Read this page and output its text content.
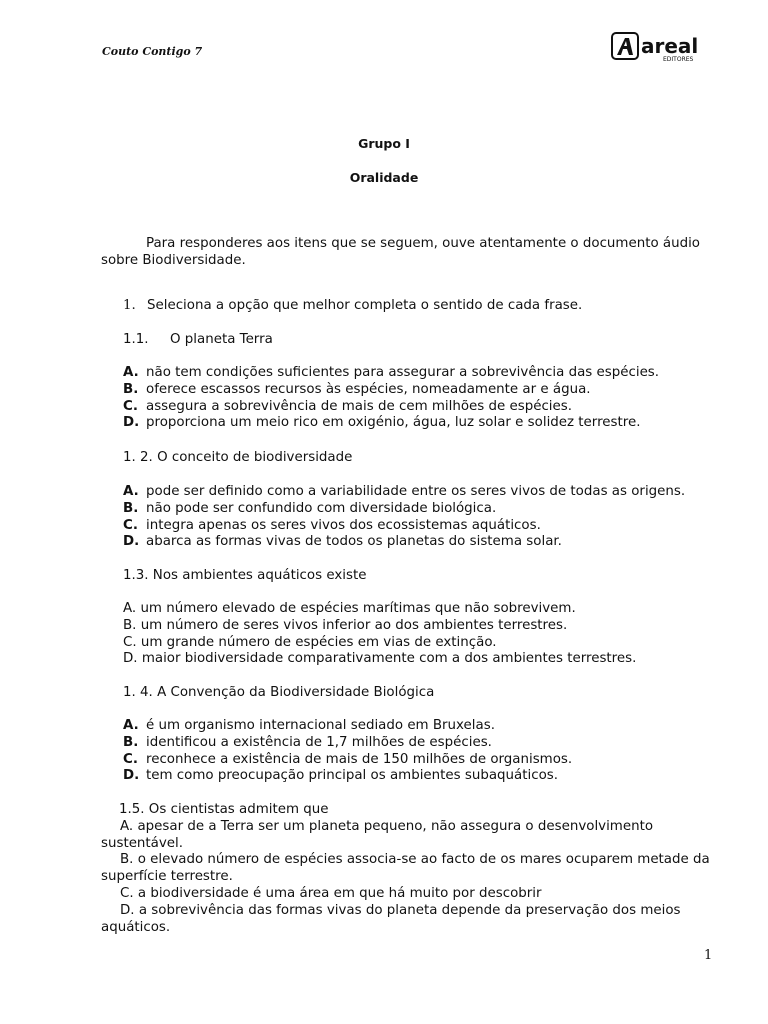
Couto Contigo 7	areal
EDITORES
Grupo I
Oralidade
Para responderes aos itens que se seguem, ouve atentamente o documento áudio sobre Biodiversidade.
1. Seleciona a opção que melhor completa o sentido de cada frase.
1.1. O planeta Terra
A. não tem condições suficientes para assegurar a sobrevivência das espécies.
B. oferece escassos recursos às espécies, nomeadamente ar e água.
C. assegura a sobrevivência de mais de cem milhões de espécies.
D. proporciona um meio rico em oxigénio, água, luz solar e solidez terrestre.
1. 2. O conceito de biodiversidade
A. pode ser definido como a variabilidade entre os seres vivos de todas as origens.
B. não pode ser confundido com diversidade biológica.
C. integra apenas os seres vivos dos ecossistemas aquáticos.
D. abarca as formas vivas de todos os planetas do sistema solar.
1.3. Nos ambientes aquáticos existe
A. um número elevado de espécies marítimas que não sobrevivem.
B. um número de seres vivos inferior ao dos ambientes terrestres.
C. um grande número de espécies em vias de extinção.
D. maior biodiversidade comparativamente com a dos ambientes terrestres.
1. 4. A Convenção da Biodiversidade Biológica
A. é um organismo internacional sediado em Bruxelas.
B. identificou a existência de 1,7 milhões de espécies.
C. reconhece a existência de mais de 150 milhões de organismos.
D. tem como preocupação principal os ambientes subaquáticos.
1.5. Os cientistas admitem que
A. apesar de a Terra ser um planeta pequeno, não assegura o desenvolvimento sustentável.
B. o elevado número de espécies associa-se ao facto de os mares ocuparem metade da superfície terrestre.
C. a biodiversidade é uma área em que há muito por descobrir
D. a sobrevivência das formas vivas do planeta depende da preservação dos meios aquáticos.
1
